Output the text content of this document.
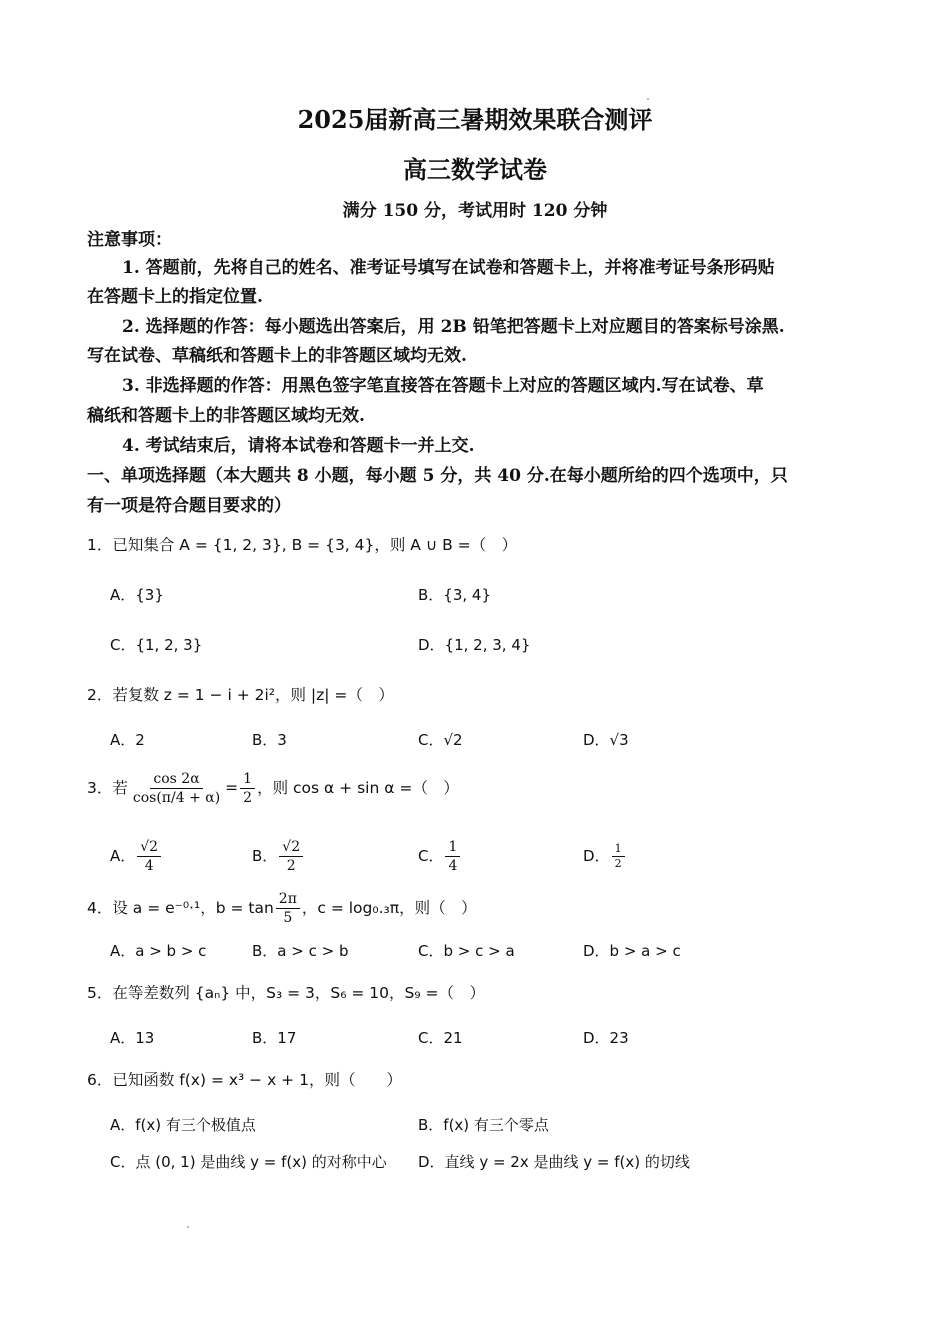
2025届新高三暑期效果联合测评
高三数学试卷
满分 150 分，考试用时 120 分钟
注意事项：
1. 答题前，先将自己的姓名、准考证号填写在试卷和答题卡上，并将准考证号条形码贴
在答题卡上的指定位置.
2. 选择题的作答：每小题选出答案后，用 2B 铅笔把答题卡上对应题目的答案标号涂黑.
写在试卷、草稿纸和答题卡上的非答题区域均无效.
3. 非选择题的作答：用黑色签字笔直接答在答题卡上对应的答题区域内.写在试卷、草
稿纸和答题卡上的非答题区域均无效.
4. 考试结束后，请将本试卷和答题卡一并上交.
一、单项选择题（本大题共 8 小题，每小题 5 分，共 40 分.在每小题所给的四个选项中，只
有一项是符合题目要求的）
1．已知集合 A = {1, 2, 3}, B = {3, 4}，则 A ∪ B =（　）
A．{3}	B．{3, 4}
C．{1, 2, 3}	D．{1, 2, 3, 4}
2．若复数 z = 1 − i + 2i²，则 |z| =（　）
A．2	B．3	C．√2	D．√3
3．若 $\frac{\cos 2\alpha}{\cos(\pi/4 + \alpha)} = \frac{1}{2}$ ，则 cos α + sin α =（　）
A． $\frac{√2}{4}$	B． $\frac{√2}{2}$	C． $\frac{1}{4}$	D． $\frac{1}{2}$
4．设 a = e⁻⁰·¹，$b = \tan \frac{2\pi}{5}$ ，c = log₀.₃π，则（　）
A．a > b > c	B．a > c > b	C．b > c > a	D．b > a > c
5．在等差数列 {aₙ} 中，S₃ = 3，S₆ = 10，S₉ =（　）
A．13	B．17	C．21	D．23
6．已知函数 f(x) = x³ − x + 1，则（　　）
A．f(x) 有三个极值点	B．f(x) 有三个零点
C．点 (0, 1) 是曲线 y = f(x) 的对称中心 D．直线 y = 2x 是曲线 y = f(x) 的切线
